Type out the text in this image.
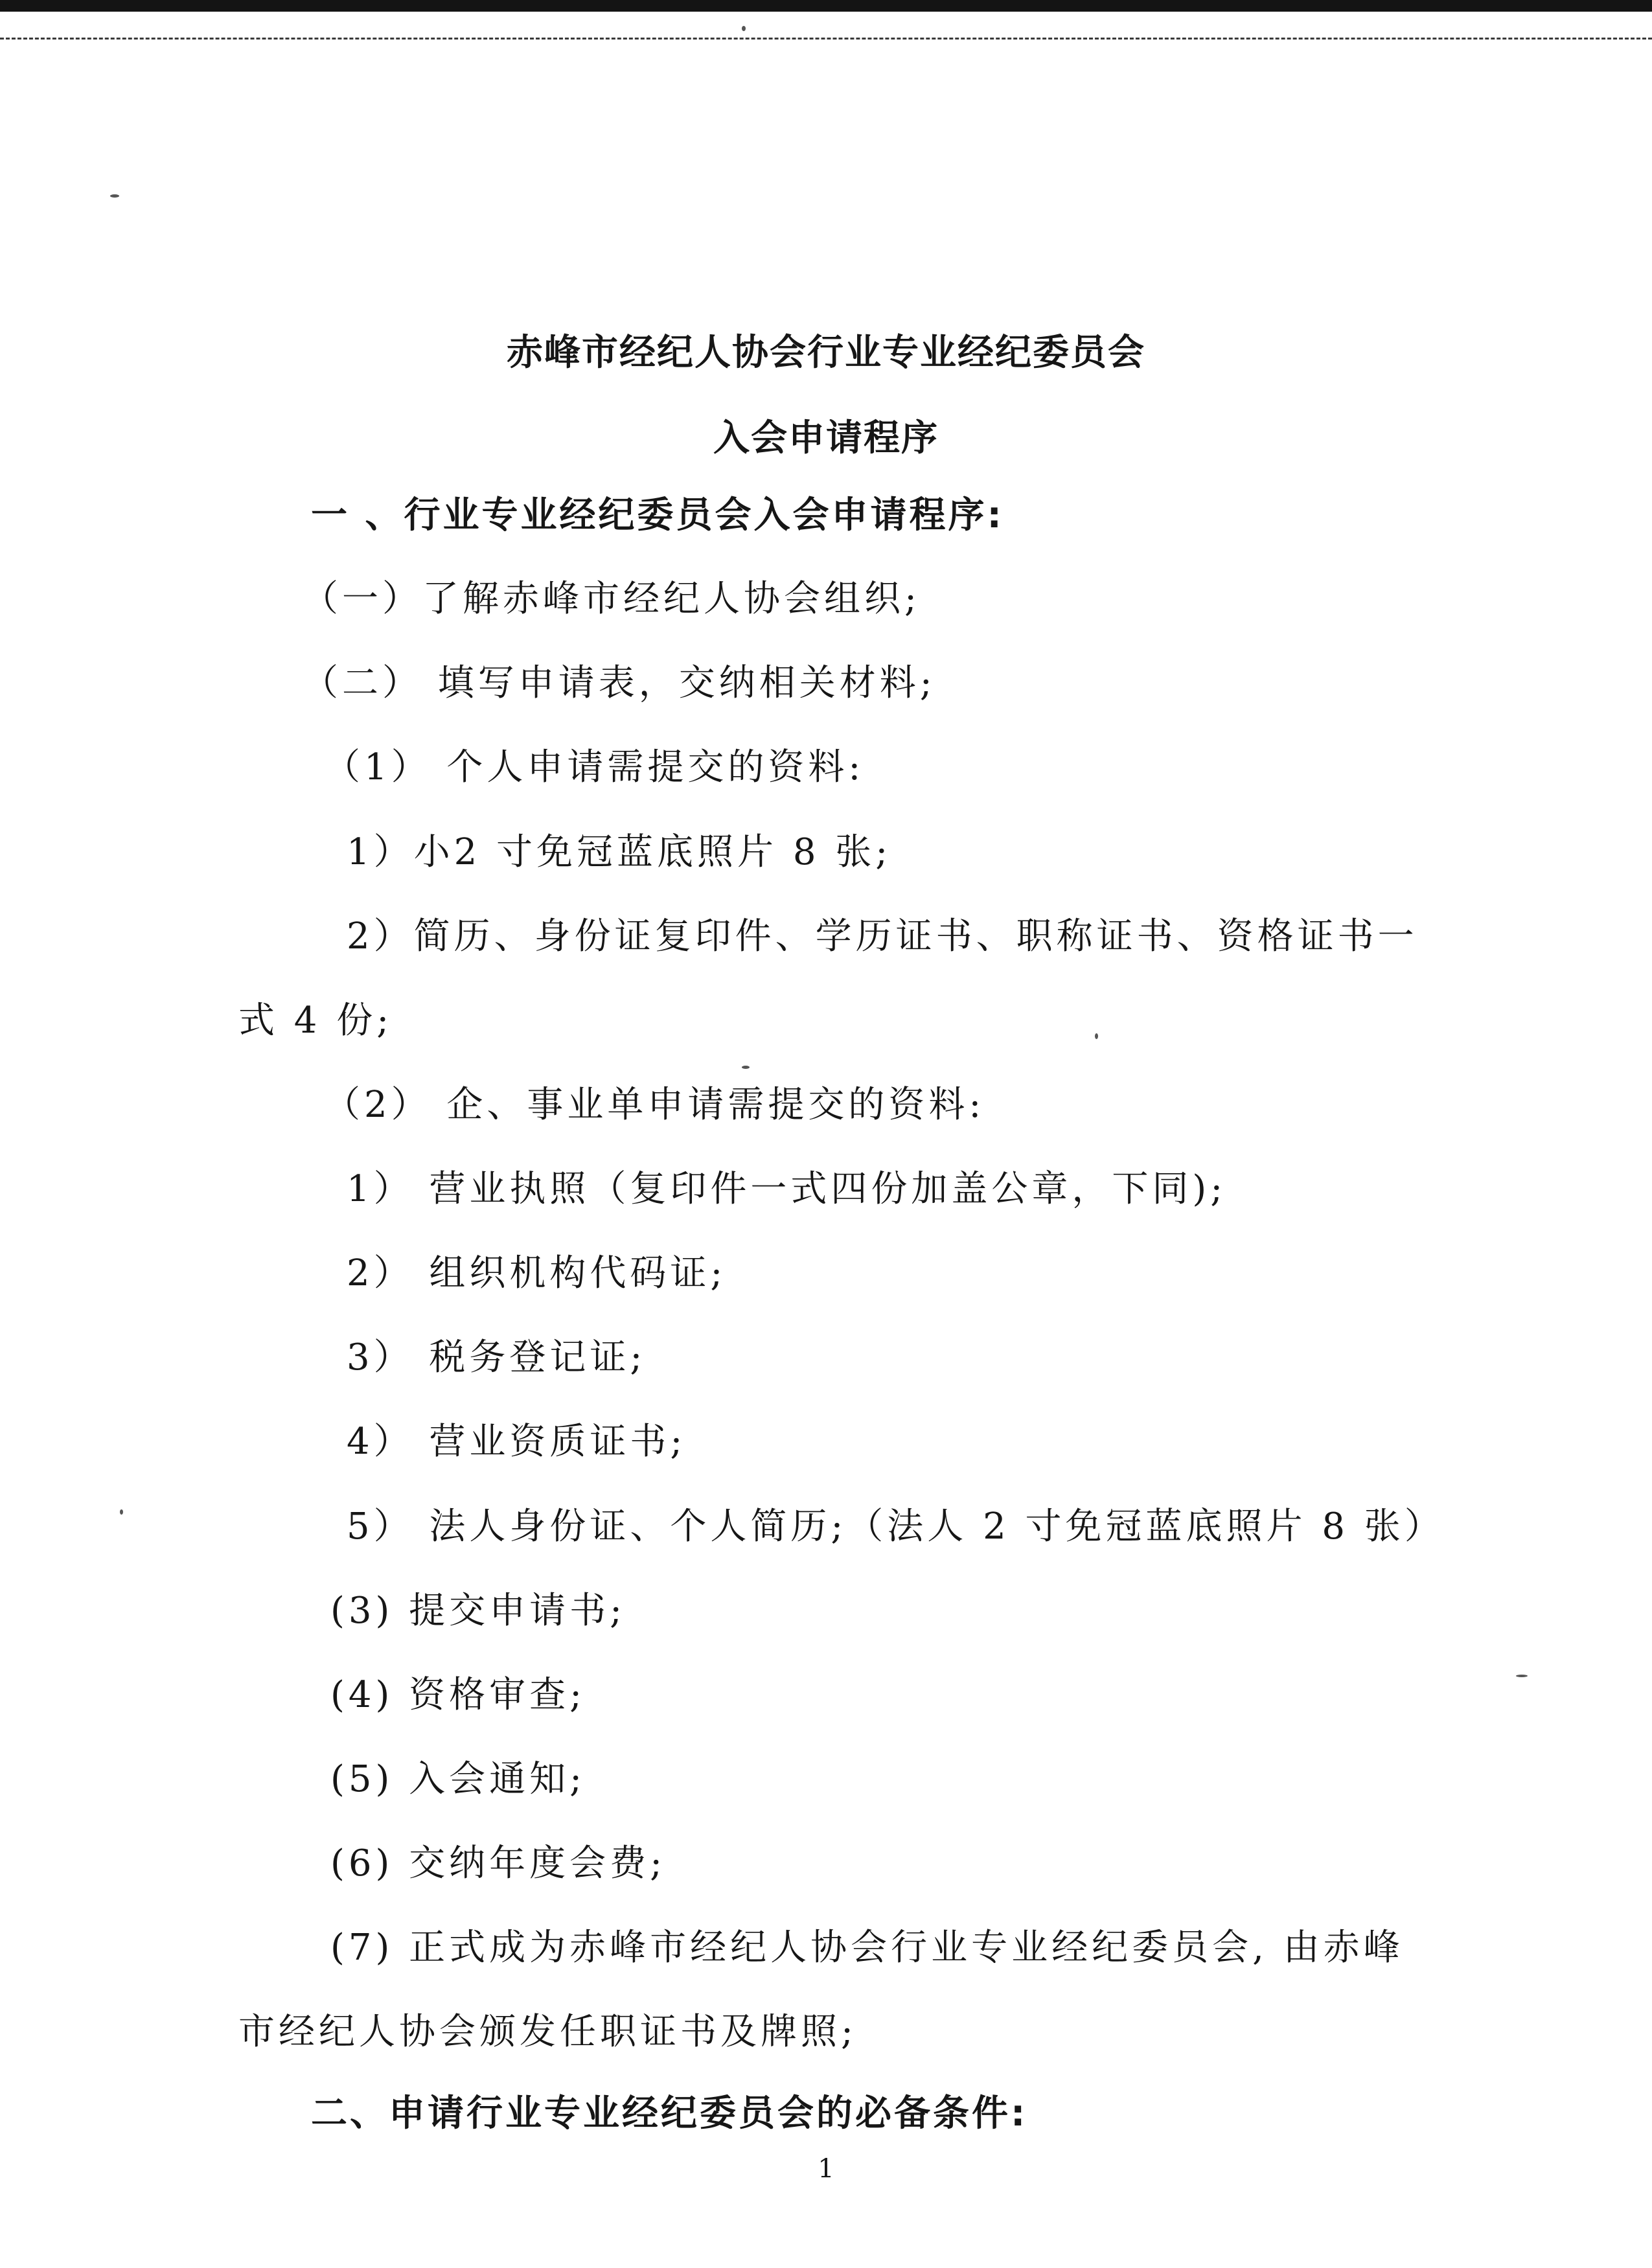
赤峰市经纪人协会行业专业经纪委员会
入会申请程序
一 、行业专业经纪委员会入会申请程序:
（一）了解赤峰市经纪人协会组织;
（二） 填写申请表，交纳相关材料;
（1） 个人申请需提交的资料:
1）小2 寸免冠蓝底照片 8 张;
2）简历、身份证复印件、学历证书、职称证书、资格证书一
式 4 份;
（2） 企、事业单申请需提交的资料:
1） 营业执照（复印件一式四份加盖公章，下同);
2） 组织机构代码证;
3） 税务登记证;
4） 营业资质证书;
5） 法人身份证、个人简历;（法人 2 寸免冠蓝底照片 8 张）
(3) 提交申请书;
(4) 资格审查;
(5) 入会通知;
(6) 交纳年度会费;
(7) 正式成为赤峰市经纪人协会行业专业经纪委员会, 由赤峰
市经纪人协会颁发任职证书及牌照;
二、申请行业专业经纪委员会的必备条件:
1
